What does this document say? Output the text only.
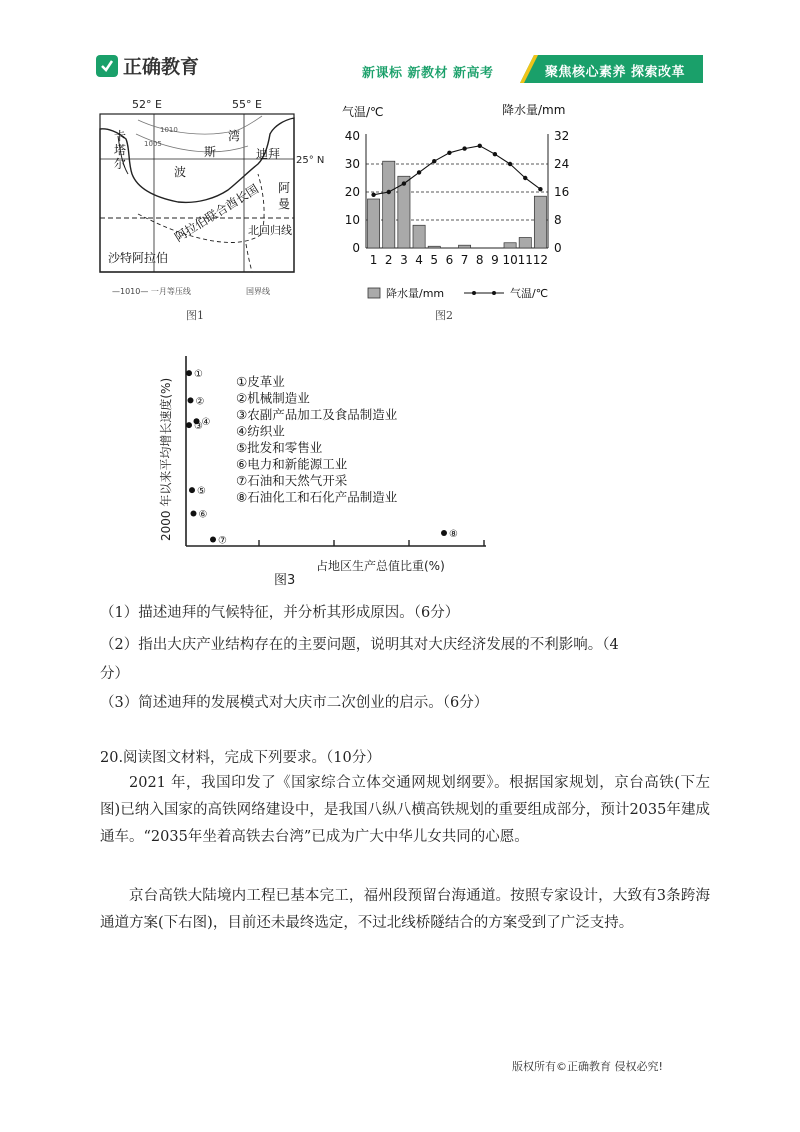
正确教育	新课标 新教材 新高考	聚焦核心素养 探索改革
52° E	55° E
25° N
1010
1005
卡
塔
尔
湾
斯
波
迪拜
阿拉伯联合酋长国 阿
曼
北回归线
沙特阿拉伯
—1010— 一月等压线	国界线
图1
气温/℃	降水量/mm
0
10
20
30
40
0
8
16
24
32
1 2 3 4 5 6 7 8 9 10 11 12
降水量/mm	气温/℃
图2
2000 年以来平均增长速度(%)
①
②
④
③
⑤
⑥
⑦
⑧
①皮革业
②机械制造业
③农副产品加工及食品制造业
④纺织业
⑤批发和零售业
⑥电力和新能源工业
⑦石油和天然气开采
⑧石油化工和石化产品制造业
占地区生产总值比重(%)
图3
（1）描述迪拜的气候特征，并分析其形成原因。（6分）
（2）指出大庆产业结构存在的主要问题，说明其对大庆经济发展的不利影响。（4
分）
（3）简述迪拜的发展模式对大庆市二次创业的启示。（6分）
20.阅读图文材料，完成下列要求。（10分）
2021 年，我国印发了《国家综合立体交通网规划纲要》。根据国家规划，京台高铁(下左图)已纳入国家的高铁网络建设中，是我国八纵八横高铁规划的重要组成部分，预计2035年建成通车。“2035年坐着高铁去台湾”已成为广大中华儿女共同的心愿。
京台高铁大陆境内工程已基本完工，福州段预留台海通道。按照专家设计，大致有3条跨海通道方案(下右图)，目前还未最终选定，不过北线桥隧结合的方案受到了广泛支持。
版权所有©正确教育 侵权必究!
